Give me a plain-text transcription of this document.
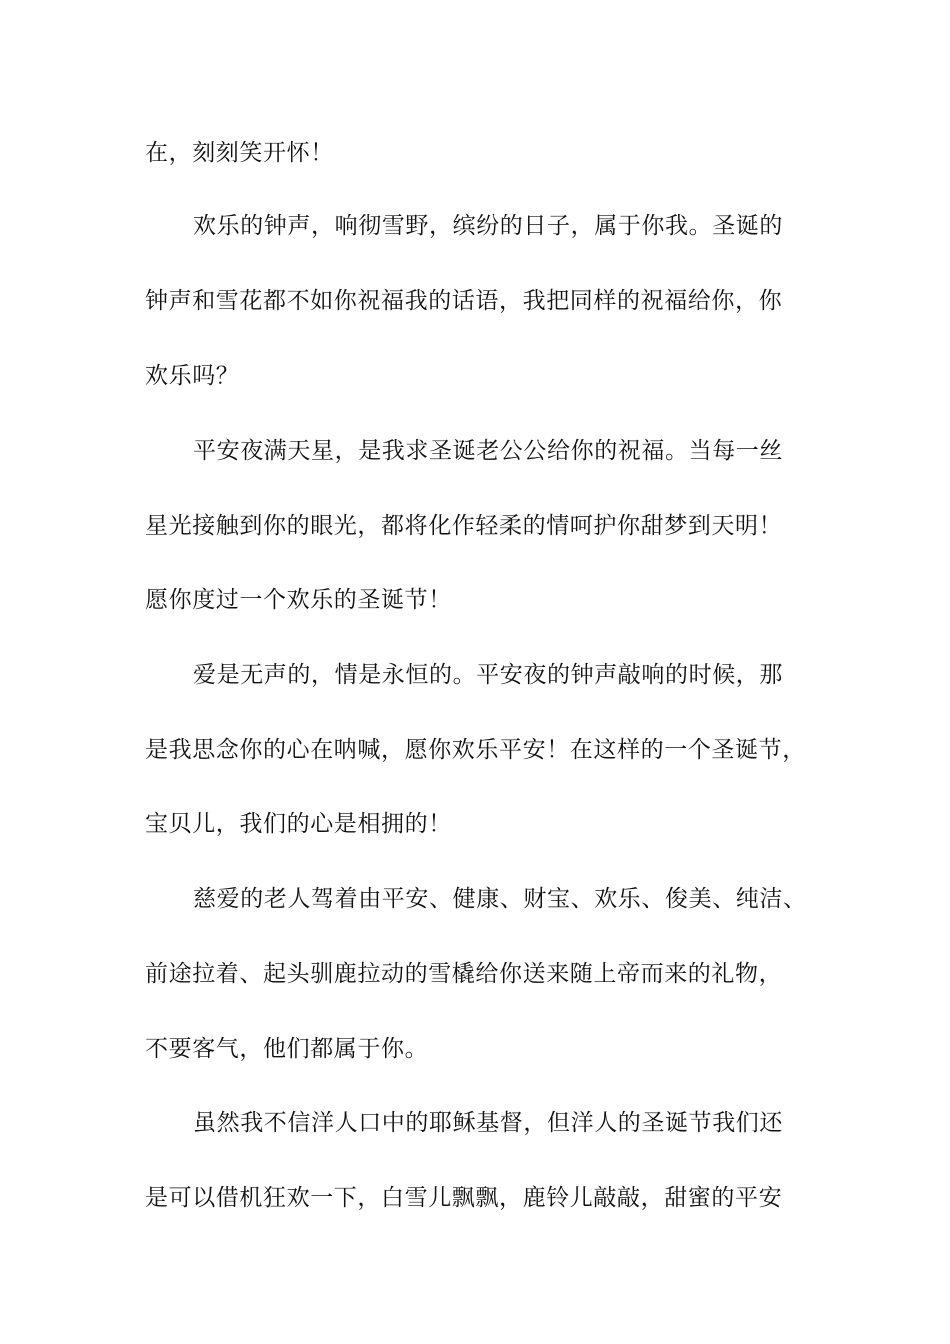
在，刻刻笑开怀！
欢乐的钟声，响彻雪野，缤纷的日子，属于你我。圣诞的
钟声和雪花都不如你祝福我的话语，我把同样的祝福给你，你
欢乐吗？
平安夜满天星，是我求圣诞老公公给你的祝福。当每一丝
星光接触到你的眼光，都将化作轻柔的情呵护你甜梦到天明！
愿你度过一个欢乐的圣诞节！
爱是无声的，情是永恒的。平安夜的钟声敲响的时候，那
是我思念你的心在呐喊，愿你欢乐平安！在这样的一个圣诞节，
宝贝儿，我们的心是相拥的！
慈爱的老人驾着由平安、健康、财宝、欢乐、俊美、纯洁、
前途拉着、起头驯鹿拉动的雪橇给你送来随上帝而来的礼物，
不要客气，他们都属于你。
虽然我不信洋人口中的耶稣基督，但洋人的圣诞节我们还
是可以借机狂欢一下，白雪儿飘飘，鹿铃儿敲敲，甜蜜的平安
